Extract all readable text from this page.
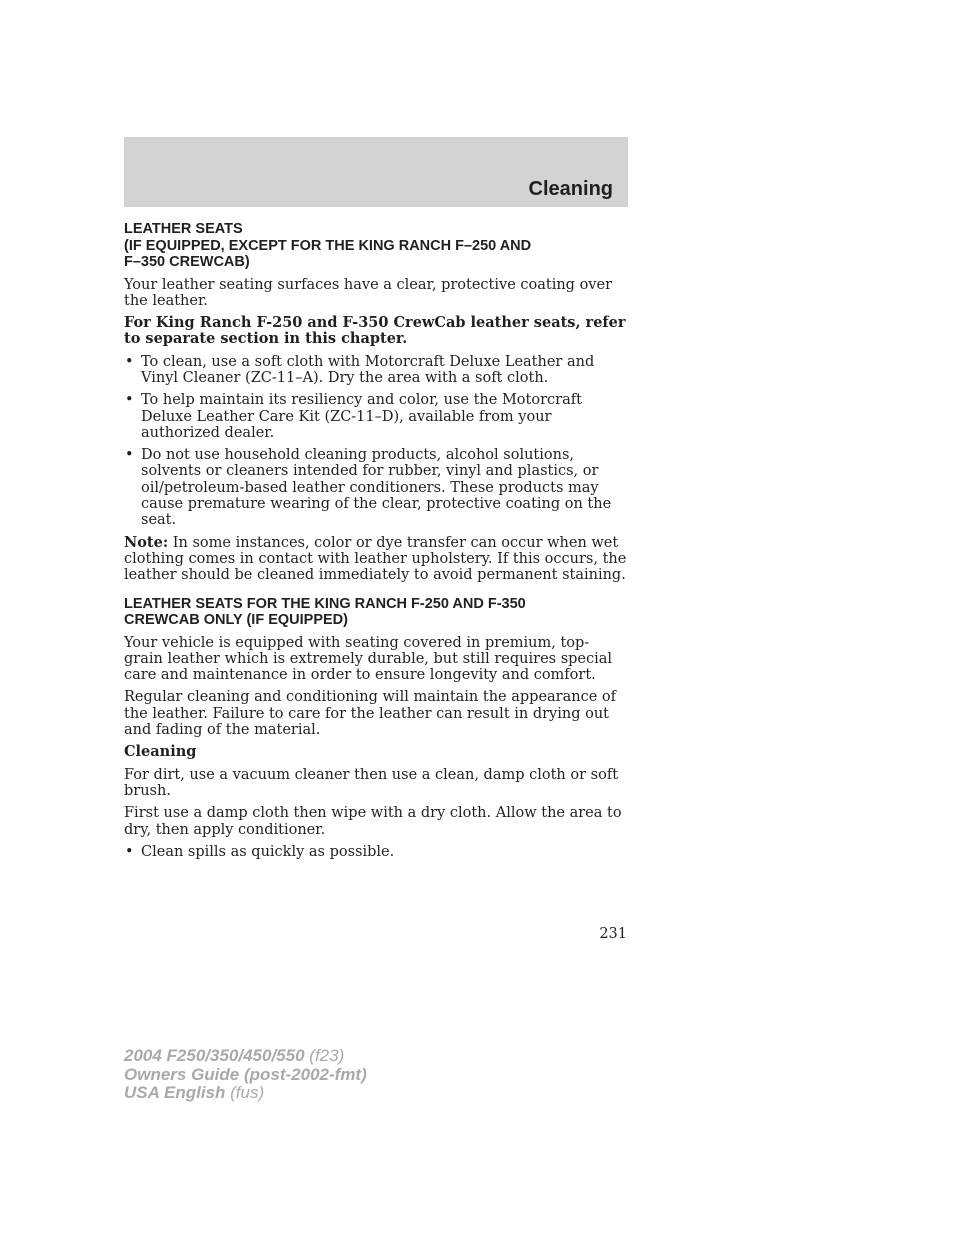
Cleaning
LEATHER SEATS
(IF EQUIPPED, EXCEPT FOR THE KING RANCH F–250 AND
F–350 CREWCAB)
Your leather seating surfaces have a clear, protective coating over the leather.
For King Ranch F-250 and F-350 CrewCab leather seats, refer to separate section in this chapter.
• To clean, use a soft cloth with Motorcraft Deluxe Leather and Vinyl Cleaner (ZC-11–A). Dry the area with a soft cloth.
• To help maintain its resiliency and color, use the Motorcraft Deluxe Leather Care Kit (ZC-11–D), available from your authorized dealer.
• Do not use household cleaning products, alcohol solutions, solvents or cleaners intended for rubber, vinyl and plastics, or oil/petroleum-based leather conditioners. These products may cause premature wearing of the clear, protective coating on the seat.
Note: In some instances, color or dye transfer can occur when wet clothing comes in contact with leather upholstery. If this occurs, the leather should be cleaned immediately to avoid permanent staining.
LEATHER SEATS FOR THE KING RANCH F-250 AND F-350
CREWCAB ONLY (IF EQUIPPED)
Your vehicle is equipped with seating covered in premium, top-grain leather which is extremely durable, but still requires special care and maintenance in order to ensure longevity and comfort.
Regular cleaning and conditioning will maintain the appearance of the leather. Failure to care for the leather can result in drying out and fading of the material.
Cleaning
For dirt, use a vacuum cleaner then use a clean, damp cloth or soft brush.
First use a damp cloth then wipe with a dry cloth. Allow the area to dry, then apply conditioner.
• Clean spills as quickly as possible.
231
2004 F250/350/450/550 (f23)
Owners Guide (post-2002-fmt)
USA English (fus)
